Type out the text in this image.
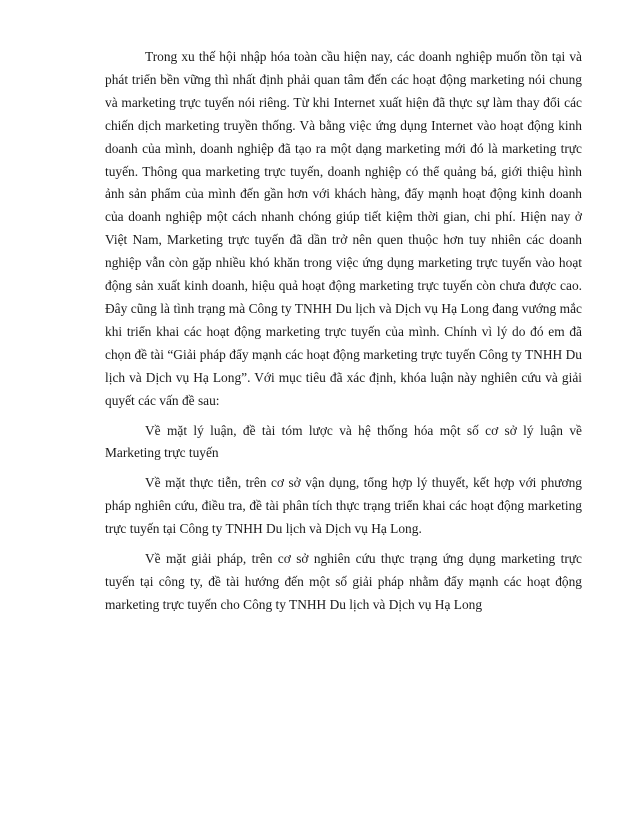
Trong xu thế hội nhập hóa toàn cầu hiện nay, các doanh nghiệp muốn tồn tại và phát triển bền vững thì nhất định phải quan tâm đến các hoạt động marketing nói chung và marketing trực tuyến nói riêng. Từ khi Internet xuất hiện đã thực sự làm thay đổi các chiến dịch marketing truyền thống. Và bằng việc ứng dụng Internet vào hoạt động kinh doanh của mình, doanh nghiệp đã tạo ra một dạng marketing mới đó là marketing trực tuyến. Thông qua marketing trực tuyến, doanh nghiệp có thể quảng bá, giới thiệu hình ảnh sản phẩm của mình đến gần hơn với khách hàng, đẩy mạnh hoạt động kinh doanh của doanh nghiệp một cách nhanh chóng giúp tiết kiệm thời gian, chi phí. Hiện nay ở Việt Nam, Marketing trực tuyến đã dần trở nên quen thuộc hơn tuy nhiên các doanh nghiệp vẫn còn gặp nhiều khó khăn trong việc ứng dụng marketing trực tuyến vào hoạt động sản xuất kinh doanh, hiệu quả hoạt động marketing trực tuyến còn chưa được cao. Đây cũng là tình trạng mà Công ty TNHH Du lịch và Dịch vụ Hạ Long đang vướng mắc khi triển khai các hoạt động marketing trực tuyến của mình. Chính vì lý do đó em đã chọn đề tài “Giải pháp đẩy mạnh các hoạt động marketing trực tuyến Công ty TNHH Du lịch và Dịch vụ Hạ Long”. Với mục tiêu đã xác định, khóa luận này nghiên cứu và giải quyết các vấn đề sau:

Về mặt lý luận, đề tài tóm lược và hệ thống hóa một số cơ sở lý luận về Marketing trực tuyến

Về mặt thực tiễn, trên cơ sở vận dụng, tổng hợp lý thuyết, kết hợp với phương pháp nghiên cứu, điều tra, đề tài phân tích thực trạng triển khai các hoạt động marketing trực tuyến tại Công ty TNHH Du lịch và Dịch vụ Hạ Long.

Về mặt giải pháp, trên cơ sở nghiên cứu thực trạng ứng dụng marketing trực tuyến tại công ty, đề tài hướng đến một số giải pháp nhằm đẩy mạnh các hoạt động marketing trực tuyến cho Công ty TNHH Du lịch và Dịch vụ Hạ Long
